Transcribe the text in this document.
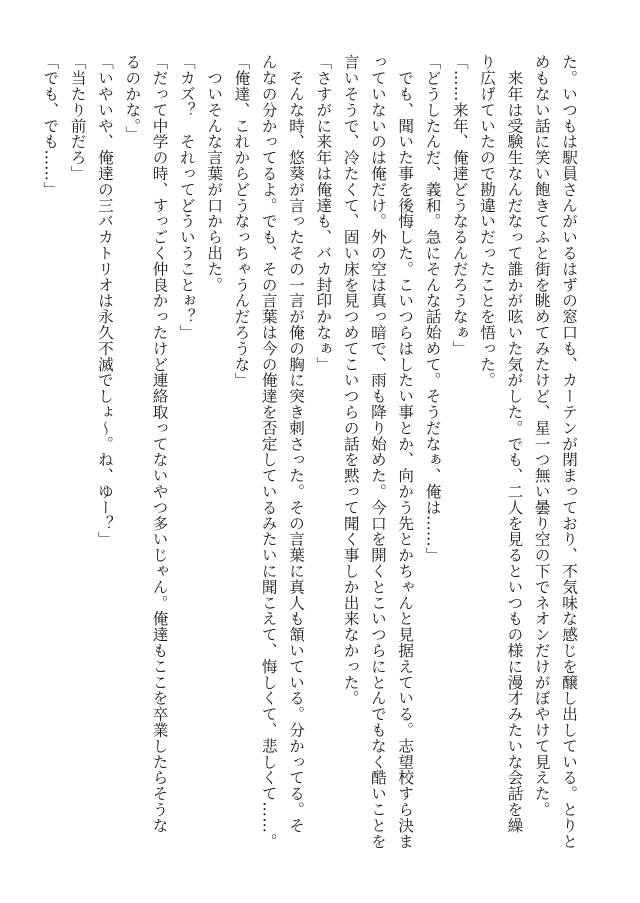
た。いつもは駅員さんがいるはずの窓口も、カーテンが閉まっており、不気味な感じを醸し出している。とりと

めもない話に笑い飽きてふと街を眺めてみたけど、星一つ無い曇り空の下でネオンだけがぼやけて見えた。

　来年は受験生なんだなって誰かが呟いた気がした。でも、二人を見るといつもの様に漫才みたいな会話を繰

り広げていたので勘違いだったことを悟った。

「……来年、俺達どうなるんだろうなぁ」

「どうしたんだ、義和。急にそんな話始めて。そうだなぁ、俺は……」

　でも、聞いた事を後悔した。こいつらはしたい事とか、向かう先とかちゃんと見据えている。志望校すら決ま

っていないのは俺だけ。外の空は真っ暗で、雨も降り始めた。今口を開くとこいつらにとんでもなく酷いことを

言いそうで、冷たくて、固い床を見つめてこいつらの話を黙って聞く事しか出来なかった。

「さすがに来年は俺達も、バカ封印かなぁ」

　そんな時、悠葵が言ったその一言が俺の胸に突き刺さった。その言葉に真人も頷いている。分かってる。そ

んなの分かってるよ。でも、その言葉は今の俺達を否定しているみたいに聞こえて、悔しくて、悲しくて……。

「俺達、これからどうなっちゃうんだろうな」

　ついそんな言葉が口から出た。

「カズ？　それってどういうことぉ？」

「だって中学の時、すっごく仲良かったけど連絡取ってないやつ多いじゃん。俺達もここを卒業したらそうな

るのかな。」

「いやいや、俺達の三バカトリオは永久不滅でしょ〜。ね、ゆー？」

「当たり前だろ」

「でも、でも……」
